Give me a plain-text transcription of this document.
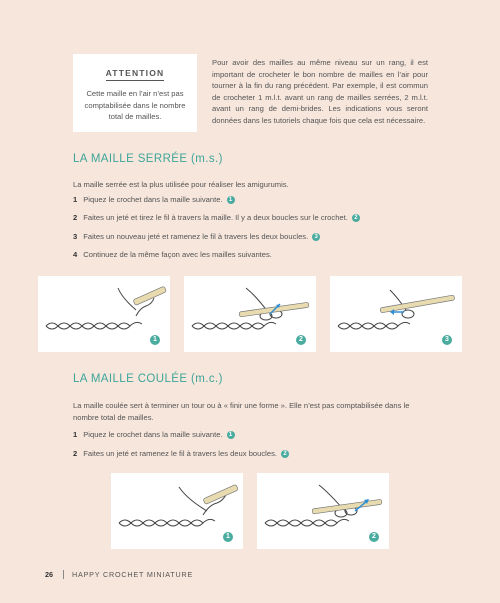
ATTENTION
Cette maille en l’air n’est pas comptabilisée dans le nombre total de mailles.
Pour avoir des mailles au même niveau sur un rang, il est important de crocheter le bon nombre de mailles en l’air pour tourner à la fin du rang précédent. Par exemple, il est commun de crocheter 1 m.l.t. avant un rang de mailles serrées, 2 m.l.t. avant un rang de demi-brides. Les indications vous seront données dans les tutoriels chaque fois que cela est nécessaire.
LA MAILLE SERRÉE (m.s.)
La maille serrée est la plus utilisée pour réaliser les amigurumis.
1 Piquez le crochet dans la maille suivante.	1
2 Faites un jeté et tirez le fil à travers la maille. Il y a deux boucles sur le crochet.	2
3 Faites un nouveau jeté et ramenez le fil à travers les deux boucles.	3
4 Continuez de la même façon avec les mailles suivantes.
1	2	3
LA MAILLE COULÉE (m.c.)
La maille coulée sert à terminer un tour ou à « finir une forme ». Elle n’est pas comptabilisée dans le nombre total de mailles.
1 Piquez le crochet dans la maille suivante.	1
2 Faites un jeté et ramenez le fil à travers les deux boucles.	2
1	2
26	HAPPY CROCHET MINIATURE
